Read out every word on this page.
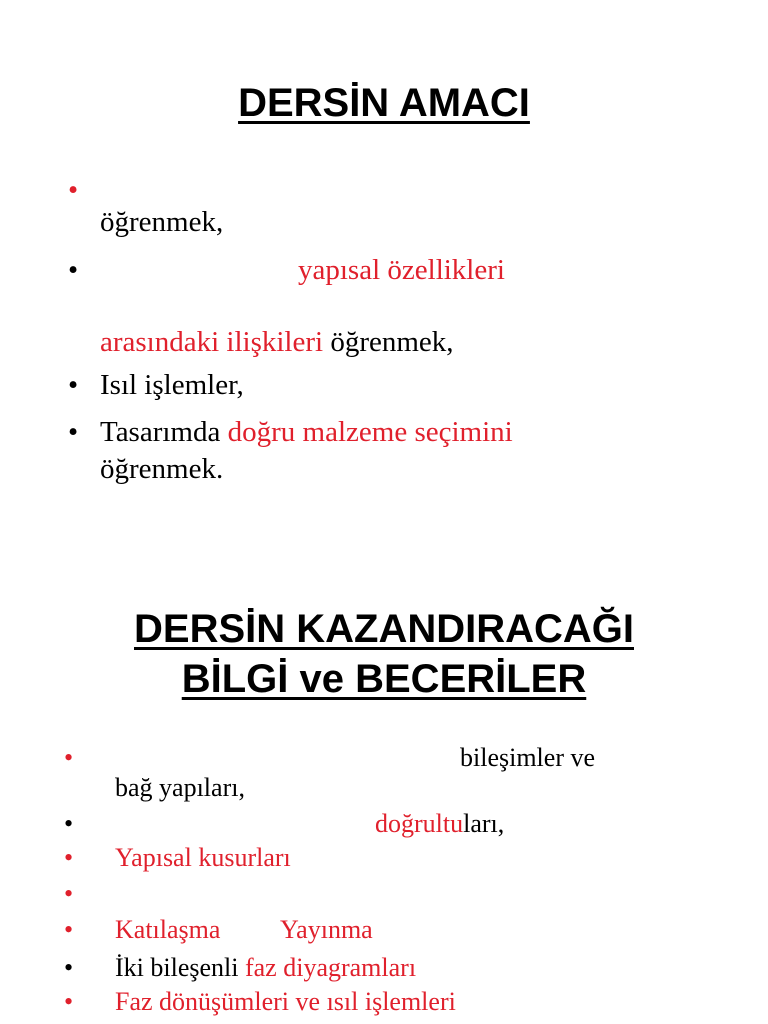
DERSİN AMACI
•
öğrenmek,
•	yapısal özellikleri
arasındaki ilişkileri öğrenmek,
• Isıl işlemler,
• Tasarımda doğru malzeme seçimini
öğrenmek.
DERSİN KAZANDIRACAĞI
BİLGİ ve BECERİLER
•	bileşimler ve
bağ yapıları,
•	doğrultuları,
• Yapısal kusurları
•
• Katılaşma Yayınma
• İki bileşenli faz diyagramları
• Faz dönüşümleri ve ısıl işlemleri
